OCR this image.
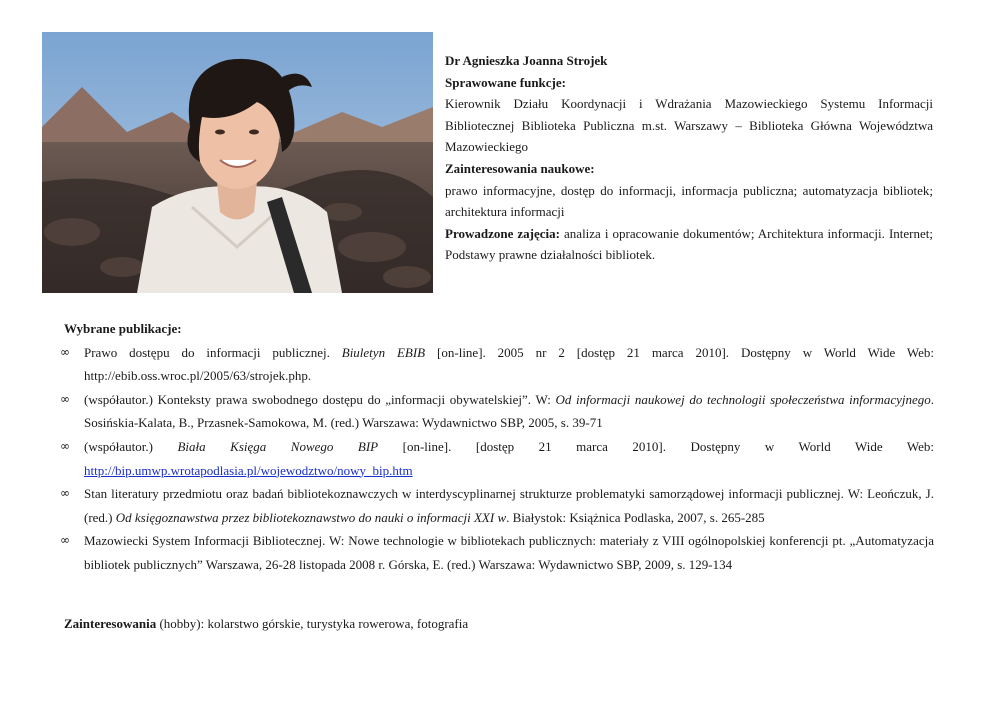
Dr Agnieszka Joanna Strojek
Sprawowane funkcje:
Kierownik Działu Koordynacji i Wdrażania Mazowieckiego Systemu Informacji Bibliotecznej Biblioteka Publiczna m.st. Warszawy – Biblioteka Główna Województwa Mazowieckiego
Zainteresowania naukowe:
prawo informacyjne, dostęp do informacji, informacja publiczna; automatyzacja bibliotek; architektura informacji
Prowadzone zajęcia: analiza i opracowanie dokumentów; Architektura informacji. Internet; Podstawy prawne działalności bibliotek.
Wybrane publikacje:
∞ Prawo dostępu do informacji publicznej. Biuletyn EBIB [on-line]. 2005 nr 2 [dostęp 21 marca 2010]. Dostępny w World Wide Web: http://ebib.oss.wroc.pl/2005/63/strojek.php.
∞ (współautor.) Konteksty prawa swobodnego dostępu do „informacji obywatelskiej”. W: Od informacji naukowej do technologii społeczeństwa informacyjnego. Sosińskia-Kalata, B., Przasnek-Samokowa, M. (red.) Warszawa: Wydawnictwo SBP, 2005, s. 39-71
∞ (współautor.) Biała Księga Nowego BIP [on-line]. [dostęp 21 marca 2010]. Dostępny w World Wide Web:
http://bip.umwp.wrotapodlasia.pl/wojewodztwo/nowy_bip.htm
∞ Stan literatury przedmiotu oraz badań bibliotekoznawczych w interdyscyplinarnej strukturze problematyki samorządowej informacji publicznej. W: Leończuk, J. (red.) Od księgoznawstwa przez bibliotekoznawstwo do nauki o informacji XXI w. Białystok: Książnica Podlaska, 2007, s. 265-285
∞ Mazowiecki System Informacji Bibliotecznej. W: Nowe technologie w bibliotekach publicznych: materiały z VIII ogólnopolskiej konferencji pt. „Automatyzacja bibliotek publicznych” Warszawa, 26-28 listopada 2008 r. Górska, E. (red.) Warszawa: Wydawnictwo SBP, 2009, s. 129-134
Zainteresowania (hobby): kolarstwo górskie, turystyka rowerowa, fotografia
